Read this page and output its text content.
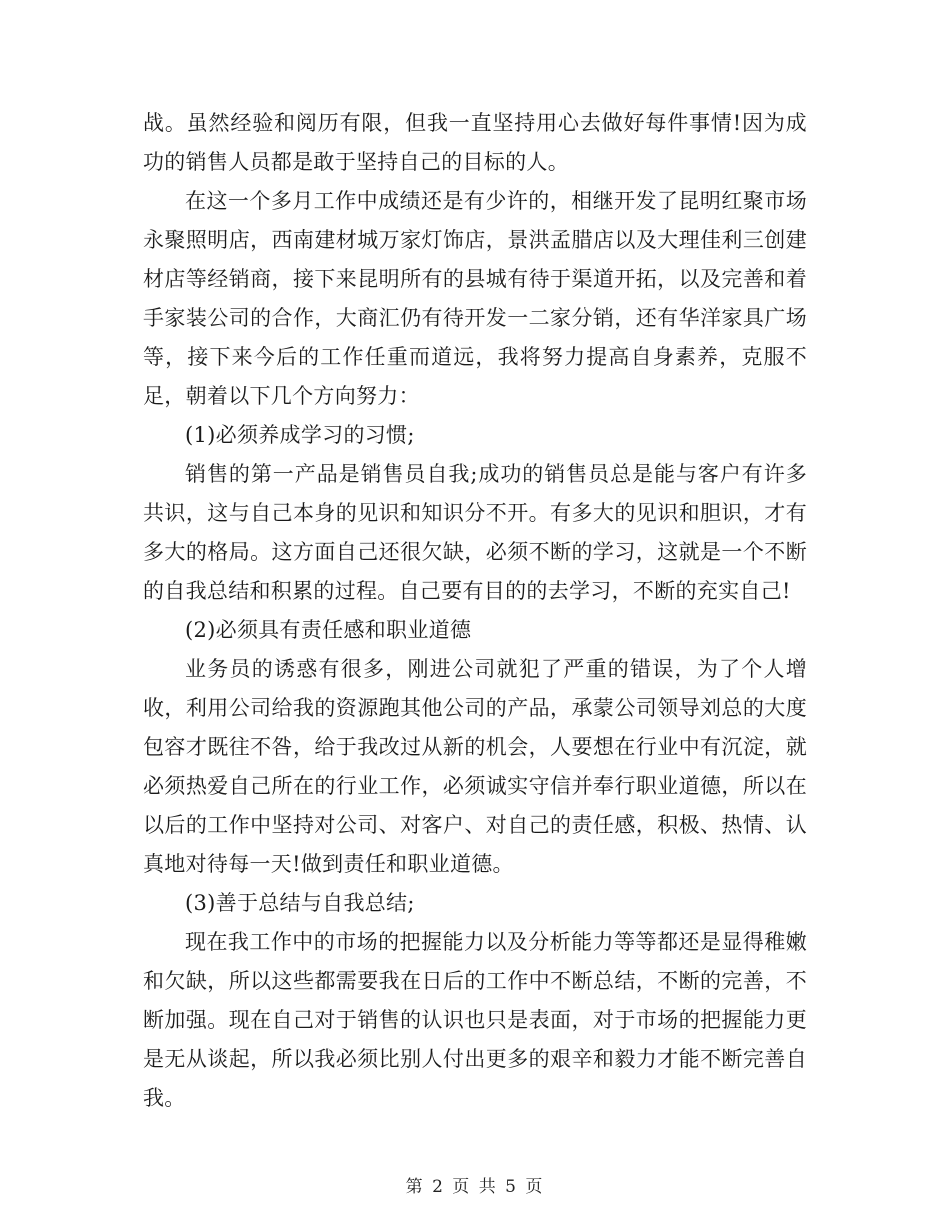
战。虽然经验和阅历有限，但我一直坚持用心去做好每件事情!因为成功的销售人员都是敢于坚持自己的目标的人。

在这一个多月工作中成绩还是有少许的，相继开发了昆明红聚市场永聚照明店，西南建材城万家灯饰店，景洪孟腊店以及大理佳利三创建材店等经销商，接下来昆明所有的县城有待于渠道开拓，以及完善和着手家装公司的合作，大商汇仍有待开发一二家分销，还有华洋家具广场等，接下来今后的工作任重而道远，我将努力提高自身素养，克服不足，朝着以下几个方向努力：

(1)必须养成学习的习惯;

销售的第一产品是销售员自我;成功的销售员总是能与客户有许多共识，这与自己本身的见识和知识分不开。有多大的见识和胆识，才有多大的格局。这方面自己还很欠缺，必须不断的学习，这就是一个不断的自我总结和积累的过程。自己要有目的的去学习，不断的充实自己!

(2)必须具有责任感和职业道德

业务员的诱惑有很多，刚进公司就犯了严重的错误，为了个人增收，利用公司给我的资源跑其他公司的产品，承蒙公司领导刘总的大度包容才既往不咎，给于我改过从新的机会，人要想在行业中有沉淀，就必须热爱自己所在的行业工作，必须诚实守信并奉行职业道德，所以在以后的工作中坚持对公司、对客户、对自己的责任感，积极、热情、认真地对待每一天!做到责任和职业道德。

(3)善于总结与自我总结;

现在我工作中的市场的把握能力以及分析能力等等都还是显得稚嫩和欠缺，所以这些都需要我在日后的工作中不断总结，不断的完善，不断加强。现在自己对于销售的认识也只是表面，对于市场的把握能力更是无从谈起，所以我必须比别人付出更多的艰辛和毅力才能不断完善自我。

第 2 页 共 5 页
